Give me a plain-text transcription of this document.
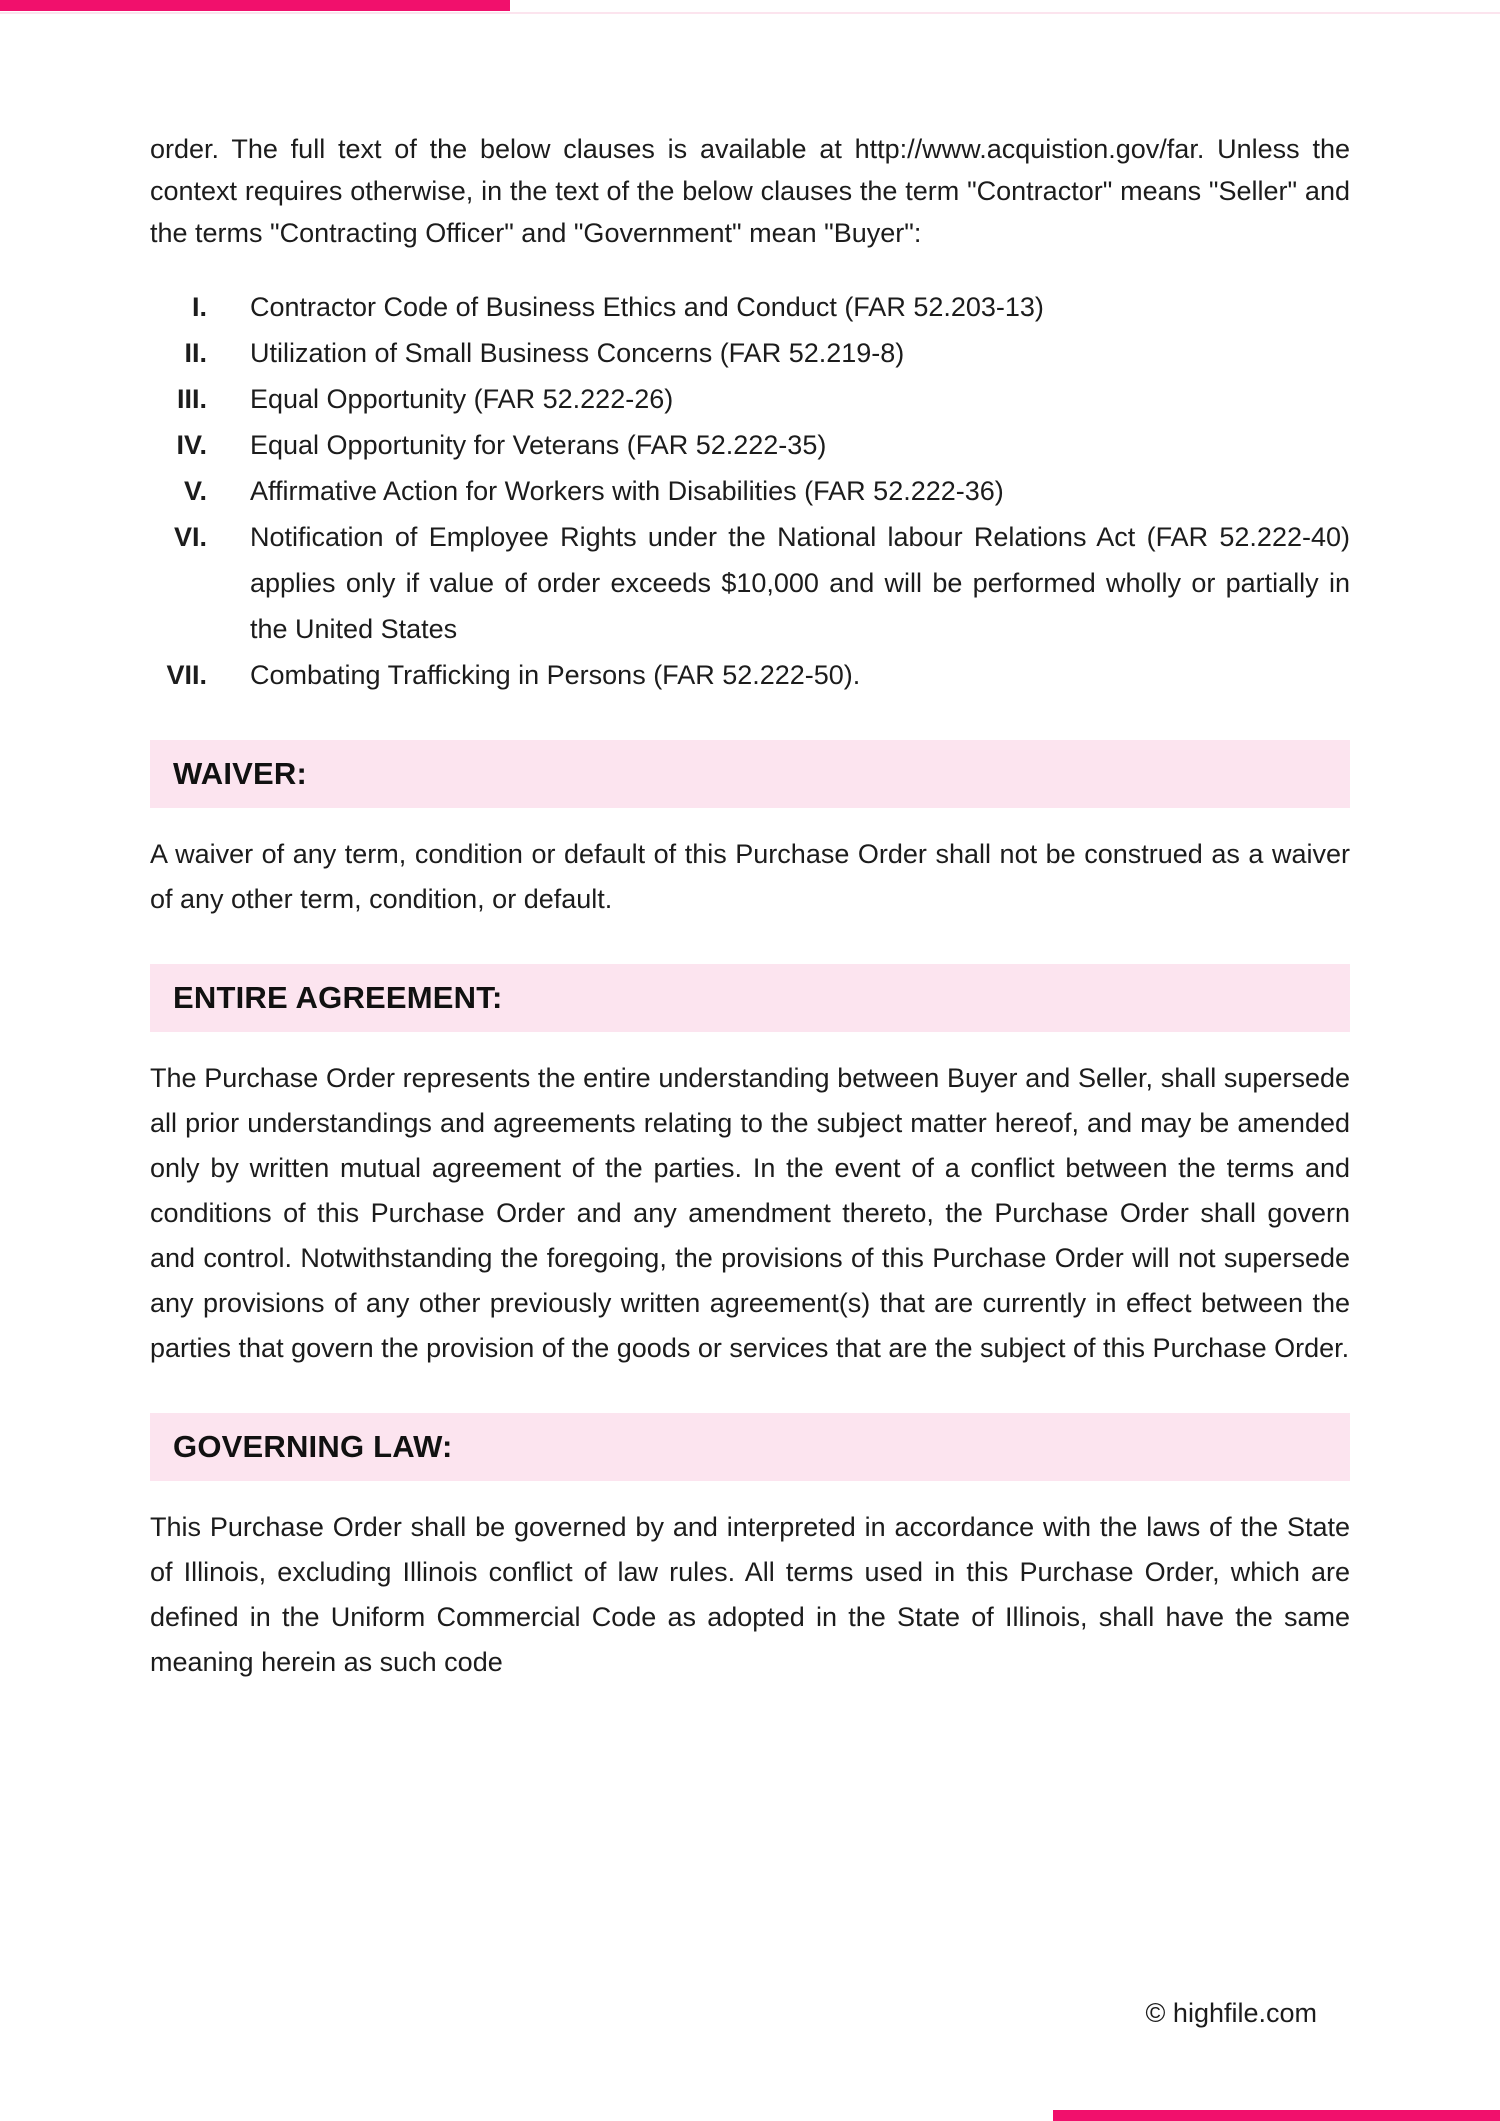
order. The full text of the below clauses is available at http://www.acquistion.gov/far. Unless the context requires otherwise, in the text of the below clauses the term "Contractor" means "Seller" and the terms "Contracting Officer" and "Government" mean "Buyer":

I. Contractor Code of Business Ethics and Conduct (FAR 52.203-13)
II. Utilization of Small Business Concerns (FAR 52.219-8)
III. Equal Opportunity (FAR 52.222-26)
IV. Equal Opportunity for Veterans (FAR 52.222-35)
V. Affirmative Action for Workers with Disabilities (FAR 52.222-36)
VI. Notification of Employee Rights under the National labour Relations Act (FAR 52.222-40) applies only if value of order exceeds $10,000 and will be performed wholly or partially in the United States
VII. Combating Trafficking in Persons (FAR 52.222-50).
WAIVER:

A waiver of any term, condition or default of this Purchase Order shall not be construed as a waiver of any other term, condition, or default.

ENTIRE AGREEMENT:

The Purchase Order represents the entire understanding between Buyer and Seller, shall supersede all prior understandings and agreements relating to the subject matter hereof, and may be amended only by written mutual agreement of the parties. In the event of a conflict between the terms and conditions of this Purchase Order and any amendment thereto, the Purchase Order shall govern and control. Notwithstanding the foregoing, the provisions of this Purchase Order will not supersede any provisions of any other previously written agreement(s) that are currently in effect between the parties that govern the provision of the goods or services that are the subject of this Purchase Order.

GOVERNING LAW:

This Purchase Order shall be governed by and interpreted in accordance with the laws of the State of Illinois, excluding Illinois conflict of law rules. All terms used in this Purchase Order, which are defined in the Uniform Commercial Code as adopted in the State of Illinois, shall have the same meaning herein as such code

© highfile.com
